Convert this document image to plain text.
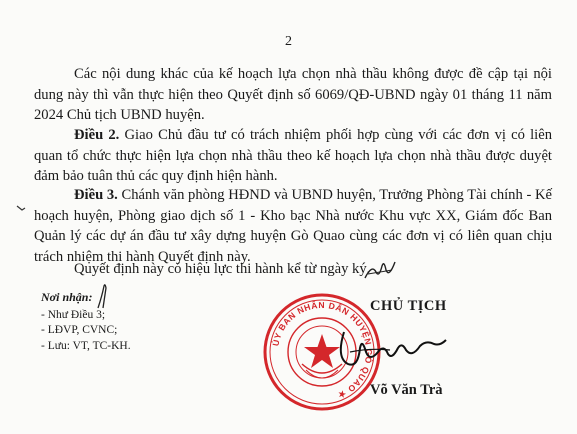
2
Các nội dung khác của kế hoạch lựa chọn nhà thầu không được đề cập tại nội dung này thì vẫn thực hiện theo Quyết định số 6069/QĐ-UBND ngày 01 tháng 11 năm 2024 Chủ tịch UBND huyện.
Điều 2. Giao Chủ đầu tư có trách nhiệm phối hợp cùng với các đơn vị có liên quan tổ chức thực hiện lựa chọn nhà thầu theo kế hoạch lựa chọn nhà thầu được duyệt đảm bảo tuân thủ các quy định hiện hành.
Điều 3. Chánh văn phòng HĐND và UBND huyện, Trưởng Phòng Tài chính - Kế hoạch huyện, Phòng giao dịch số 1 - Kho bạc Nhà nước Khu vực XX, Giám đốc Ban Quản lý các dự án đầu tư xây dựng huyện Gò Quao cùng các đơn vị có liên quan chịu trách nhiệm thi hành Quyết định này.
Quyết định này có hiệu lực thi hành kể từ ngày ký.
Nơi nhận:
- Như Điều 3;
- LĐVP, CVNC;
- Lưu: VT, TC-KH.	ỦY BAN NHÂN DÂN HUYỆN GÒ QUAO ★
CHỦ TỊCH
Võ Văn Trà
